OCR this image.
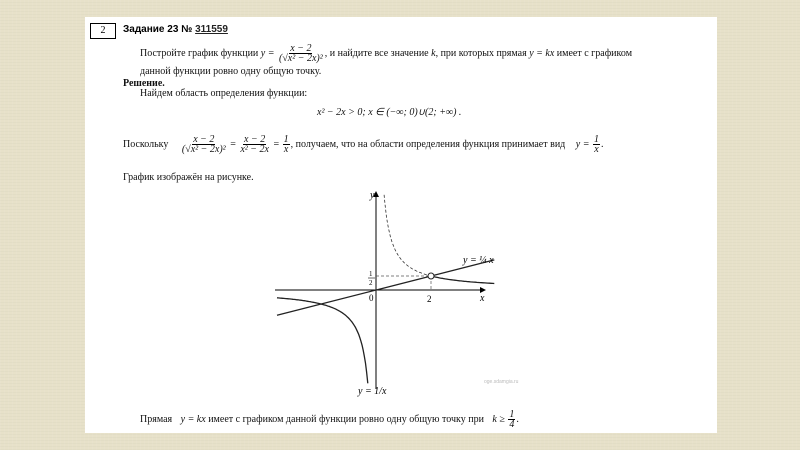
2	Задание 23 № 311559
Постройте график функции $y = \frac{x - 2}{\text{(√x² − 2x)²}}$ , и найдите все значение k, при которых прямая y = kx имеет с графиком
данной функции ровно одну общую точку.
Решение.
Найдем область определения функции:
x² − 2x > 0; x ∈ (−∞; 0)∪(2; +∞) .
Поскольку $\frac{x - 2}{\text{(√x² − 2x)²}} = \frac{x - 2}{\text{x² − 2x}} = \frac{1}{x}$ , получаем, что на области определения функция принимает вид $y = \frac{1}{x}$ .
График изображён на рисунке.
y
x
0	2
1
2
y = ¼ x
y = 1/x
oge.sdamgia.ru
Прямая y = kx имеет с графиком данной функции ровно одну общую точку при $k \ge \frac{1}{4}$ .
